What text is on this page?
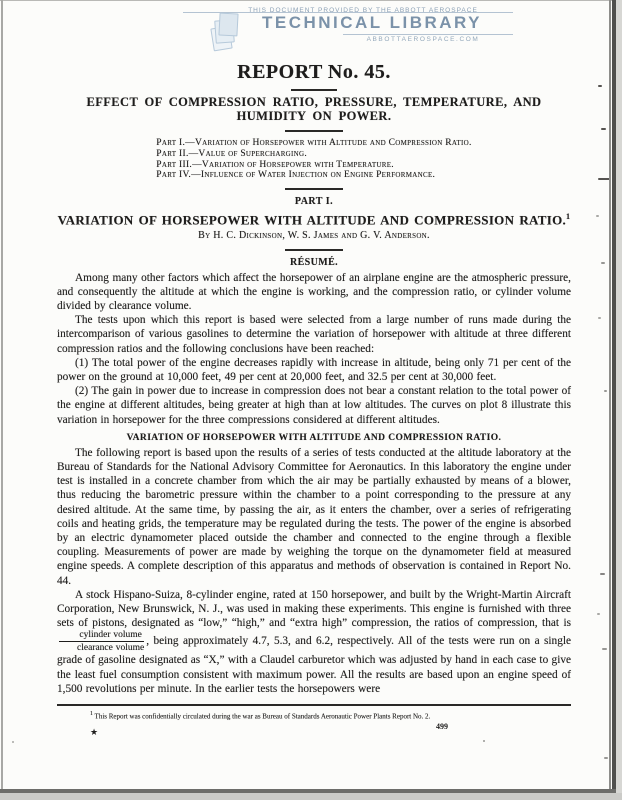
THIS DOCUMENT PROVIDED BY THE ABBOTT AEROSPACE
TECHNICAL LIBRARY
ABBOTTAEROSPACE.COM
REPORT No. 45.
EFFECT OF COMPRESSION RATIO, PRESSURE, TEMPERATURE, AND HUMIDITY ON POWER.
Part I.—Variation of Horsepower with Altitude and Compression Ratio.
Part II.—Value of Supercharging.
Part III.—Variation of Horsepower with Temperature.
Part IV.—Influence of Water Injection on Engine Performance.
PART I.
VARIATION OF HORSEPOWER WITH ALTITUDE AND COMPRESSION RATIO.$^1$
By H. C. Dickinson, W. S. James and G. V. Anderson.
RÉSUMÉ.

Among many other factors which affect the horsepower of an airplane engine are the atmospheric pressure, and consequently the altitude at which the engine is working, and the compression ratio, or cylinder volume divided by clearance volume.

The tests upon which this report is based were selected from a large number of runs made during the intercomparison of various gasolines to determine the variation of horsepower with altitude at three different compression ratios and the following conclusions have been reached:

(1) The total power of the engine decreases rapidly with increase in altitude, being only 71 per cent of the power on the ground at 10,000 feet, 49 per cent at 20,000 feet, and 32.5 per cent at 30,000 feet.

(2) The gain in power due to increase in compression does not bear a constant relation to the total power of the engine at different altitudes, being greater at high than at low altitudes. The curves on plot 8 illustrate this variation in horsepower for the three compressions considered at different altitudes.

VARIATION OF HORSEPOWER WITH ALTITUDE AND COMPRESSION RATIO.

The following report is based upon the results of a series of tests conducted at the altitude laboratory at the Bureau of Standards for the National Advisory Committee for Aeronautics. In this laboratory the engine under test is installed in a concrete chamber from which the air may be partially exhausted by means of a blower, thus reducing the barometric pressure within the chamber to a point corresponding to the pressure at any desired altitude. At the same time, by passing the air, as it enters the chamber, over a series of refrigerating coils and heating grids, the temperature may be regulated during the tests. The power of the engine is absorbed by an electric dynamometer placed outside the chamber and connected to the engine through a flexible coupling. Measurements of power are made by weighing the torque on the dynamometer field at measured engine speeds. A complete description of this apparatus and methods of observation is contained in Report No. 44.

A stock Hispano-Suiza, 8-cylinder engine, rated at 150 horsepower, and built by the Wright-Martin Aircraft Corporation, New Brunswick, N. J., was used in making these experiments. This engine is furnished with three sets of pistons, designated as “low,” “high,” and “extra high” compression, the ratios of compression, that is
$\frac{\text{cylinder volume}}{\text{clearance volume}}$ , being approximately 4.7, 5.3, and 6.2, respectively. All of the tests were run on a single grade of gasoline designated as “X,” with a Claudel carburetor which was adjusted by hand in each case to give the least fuel consumption consistent with maximum power. All the results are based upon an engine speed of 1,500 revolutions per minute. In the earlier tests the horsepowers were

$^1$ This Report was confidentially circulated during the war as Bureau of Standards Aeronautic Power Plants Report No. 2.
499
★
